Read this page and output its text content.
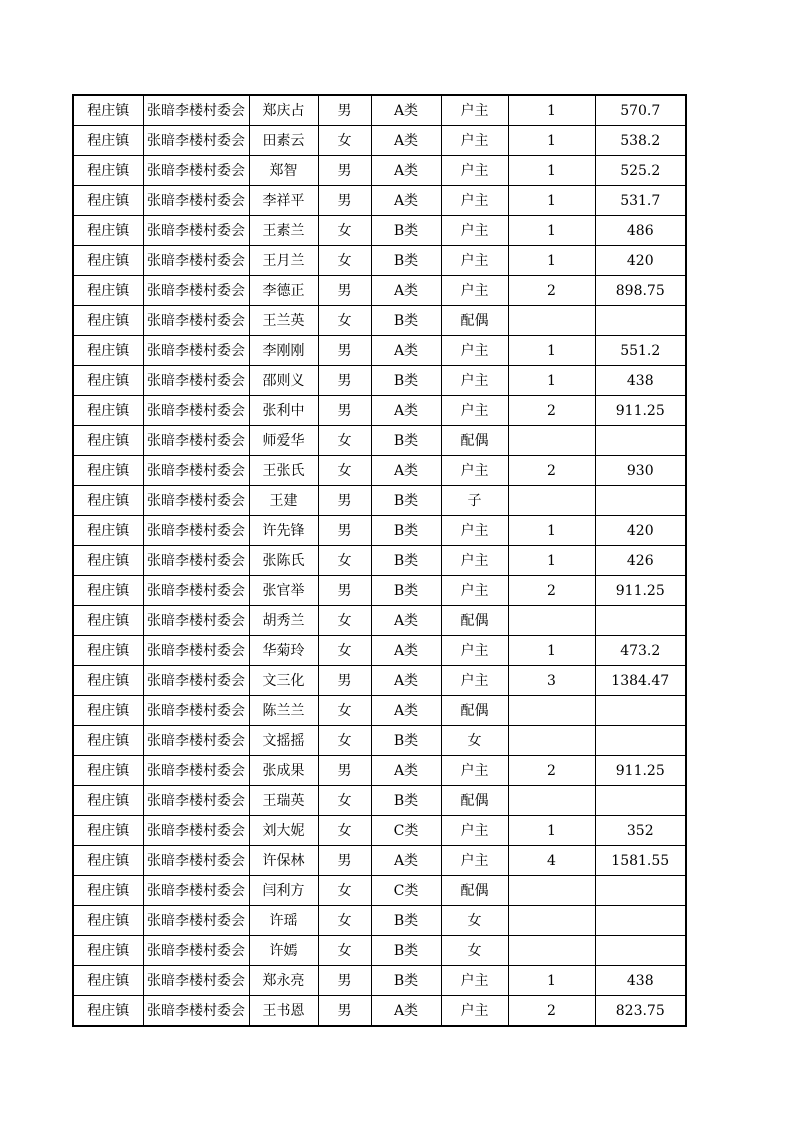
程庄镇	张暗李楼村委会	郑庆占	男	A类	户主	1	570.7
程庄镇	张暗李楼村委会	田素云	女	A类	户主	1	538.2
程庄镇	张暗李楼村委会	郑智	男	A类	户主	1	525.2
程庄镇	张暗李楼村委会	李祥平	男	A类	户主	1	531.7
程庄镇	张暗李楼村委会	王素兰	女	B类	户主	1	486
程庄镇	张暗李楼村委会	王月兰	女	B类	户主	1	420
程庄镇	张暗李楼村委会	李德正	男	A类	户主	2	898.75
程庄镇	张暗李楼村委会	王兰英	女	B类	配偶		
程庄镇	张暗李楼村委会	李刚刚	男	A类	户主	1	551.2
程庄镇	张暗李楼村委会	邵则义	男	B类	户主	1	438
程庄镇	张暗李楼村委会	张利中	男	A类	户主	2	911.25
程庄镇	张暗李楼村委会	师爱华	女	B类	配偶		
程庄镇	张暗李楼村委会	王张氏	女	A类	户主	2	930
程庄镇	张暗李楼村委会	王建	男	B类	子		
程庄镇	张暗李楼村委会	许先锋	男	B类	户主	1	420
程庄镇	张暗李楼村委会	张陈氏	女	B类	户主	1	426
程庄镇	张暗李楼村委会	张官举	男	B类	户主	2	911.25
程庄镇	张暗李楼村委会	胡秀兰	女	A类	配偶		
程庄镇	张暗李楼村委会	华菊玲	女	A类	户主	1	473.2
程庄镇	张暗李楼村委会	文三化	男	A类	户主	3	1384.47
程庄镇	张暗李楼村委会	陈兰兰	女	A类	配偶		
程庄镇	张暗李楼村委会	文摇摇	女	B类	女		
程庄镇	张暗李楼村委会	张成果	男	A类	户主	2	911.25
程庄镇	张暗李楼村委会	王瑞英	女	B类	配偶		
程庄镇	张暗李楼村委会	刘大妮	女	C类	户主	1	352
程庄镇	张暗李楼村委会	许保林	男	A类	户主	4	1581.55
程庄镇	张暗李楼村委会	闫利方	女	C类	配偶		
程庄镇	张暗李楼村委会	许瑶	女	B类	女		
程庄镇	张暗李楼村委会	许嫣	女	B类	女		
程庄镇	张暗李楼村委会	郑永亮	男	B类	户主	1	438
程庄镇	张暗李楼村委会	王书恩	男	A类	户主	2	823.75
